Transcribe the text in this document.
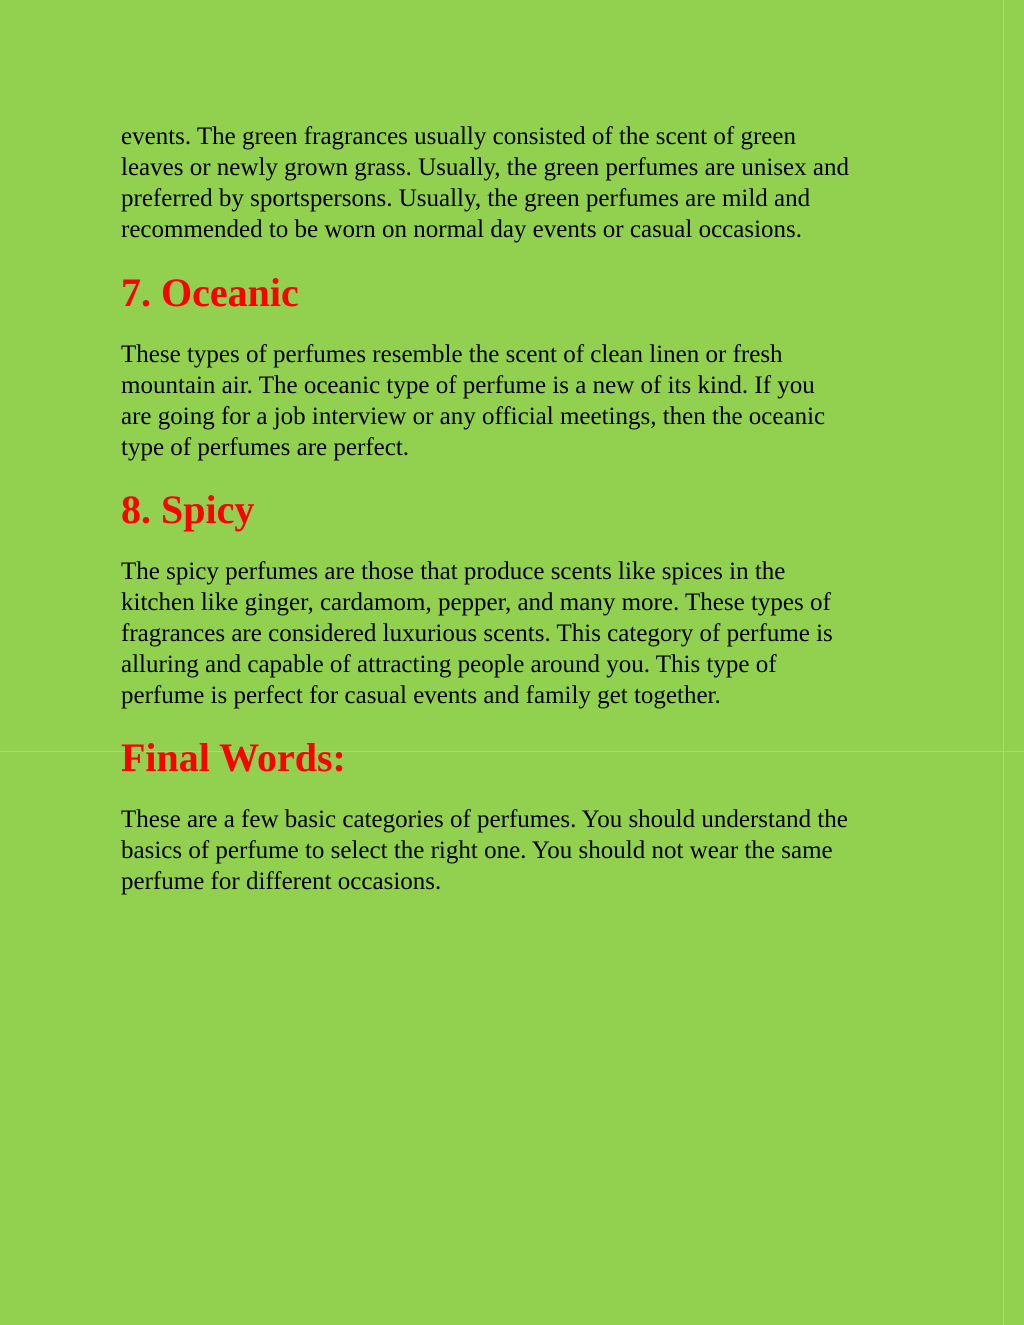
events. The green fragrances usually consisted of the scent of green
leaves or newly grown grass. Usually, the green perfumes are unisex and
preferred by sportspersons. Usually, the green perfumes are mild and
recommended to be worn on normal day events or casual occasions.

7. Oceanic

These types of perfumes resemble the scent of clean linen or fresh
mountain air. The oceanic type of perfume is a new of its kind. If you
are going for a job interview or any official meetings, then the oceanic
type of perfumes are perfect.

8. Spicy

The spicy perfumes are those that produce scents like spices in the
kitchen like ginger, cardamom, pepper, and many more. These types of
fragrances are considered luxurious scents. This category of perfume is
alluring and capable of attracting people around you. This type of
perfume is perfect for casual events and family get together.

Final Words:

These are a few basic categories of perfumes. You should understand the
basics of perfume to select the right one. You should not wear the same
perfume for different occasions.
